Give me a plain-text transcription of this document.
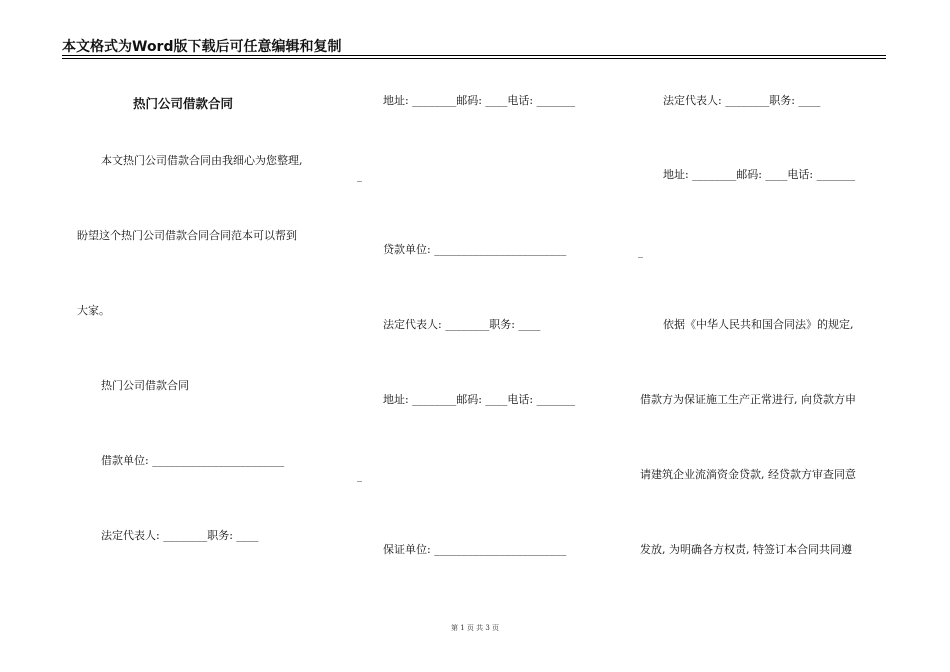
本文格式为Word版下载后可任意编辑和复制
热门公司借款合同
本文热门公司借款合同由我细心为您整理,
盼望这个热门公司借款合同合同范本可以帮到
大家。
热门公司借款合同
借款单位: ________________________
法定代表人: ________职务: ____
地址: ________邮码: ____电话: _______
贷款单位: ________________________
法定代表人: ________职务: ____
地址: ________邮码: ____电话: _______
保证单位: ________________________
法定代表人: ________职务: ____
地址: ________邮码: ____电话: _______
依据《中华人民共和国合同法》的规定,
借款方为保证施工生产正常进行, 向贷款方申
请建筑企业流淌资金贷款, 经贷款方审查同意
发放, 为明确各方权责, 特签订本合同共同遵
_
_
_
第 1 页 共 3 页
